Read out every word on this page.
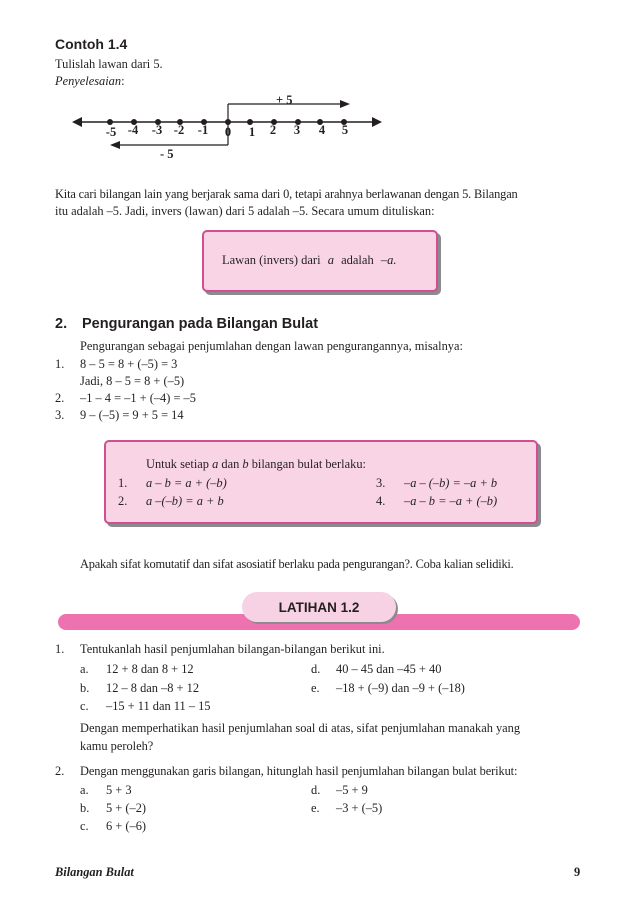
Contoh 1.4
Tulislah lawan dari 5.
Penyelesaian:
+ 5
- 5
-5 -4	-3 -2	-1	0	1	2	3	4	5
Kita cari bilangan lain yang berjarak sama dari 0, tetapi arahnya berlawanan dengan 5. Bilangan
itu adalah –5. Jadi, invers (lawan) dari 5 adalah –5. Secara umum dituliskan:
Lawan (invers) dari a adalah –a.
2. Pengurangan pada Bilangan Bulat
Pengurangan sebagai penjumlahan dengan lawan pengurangannya, misalnya:
1. 8 – 5 = 8 + (–5) = 3
Jadi, 8 – 5 = 8 + (–5)
2. –1 – 4 = –1 + (–4) = –5
3. 9 – (–5) = 9 + 5 = 14
Untuk setiap a dan b bilangan bulat berlaku:
1. a – b = a + (–b)	3. –a – (–b) = –a + b
2. a –(–b) = a + b	4. –a – b = –a + (–b)
Apakah sifat komutatif dan sifat asosiatif berlaku pada pengurangan?. Coba kalian selidiki.
LATIHAN 1.2
1. Tentukanlah hasil penjumlahan bilangan-bilangan berikut ini.
a. 12 + 8 dan 8 + 12	d. 40 – 45 dan –45 + 40
b. 12 – 8 dan –8 + 12	e. –18 + (–9) dan –9 + (–18)
c. –15 + 11 dan 11 – 15
Dengan memperhatikan hasil penjumlahan soal di atas, sifat penjumlahan manakah yang
kamu peroleh?
2. Dengan menggunakan garis bilangan, hitunglah hasil penjumlahan bilangan bulat berikut:
a. 5 + 3	d. –5 + 9
b. 5 + (–2)	e. –3 + (–5)
c. 6 + (–6)
Bilangan Bulat	9
